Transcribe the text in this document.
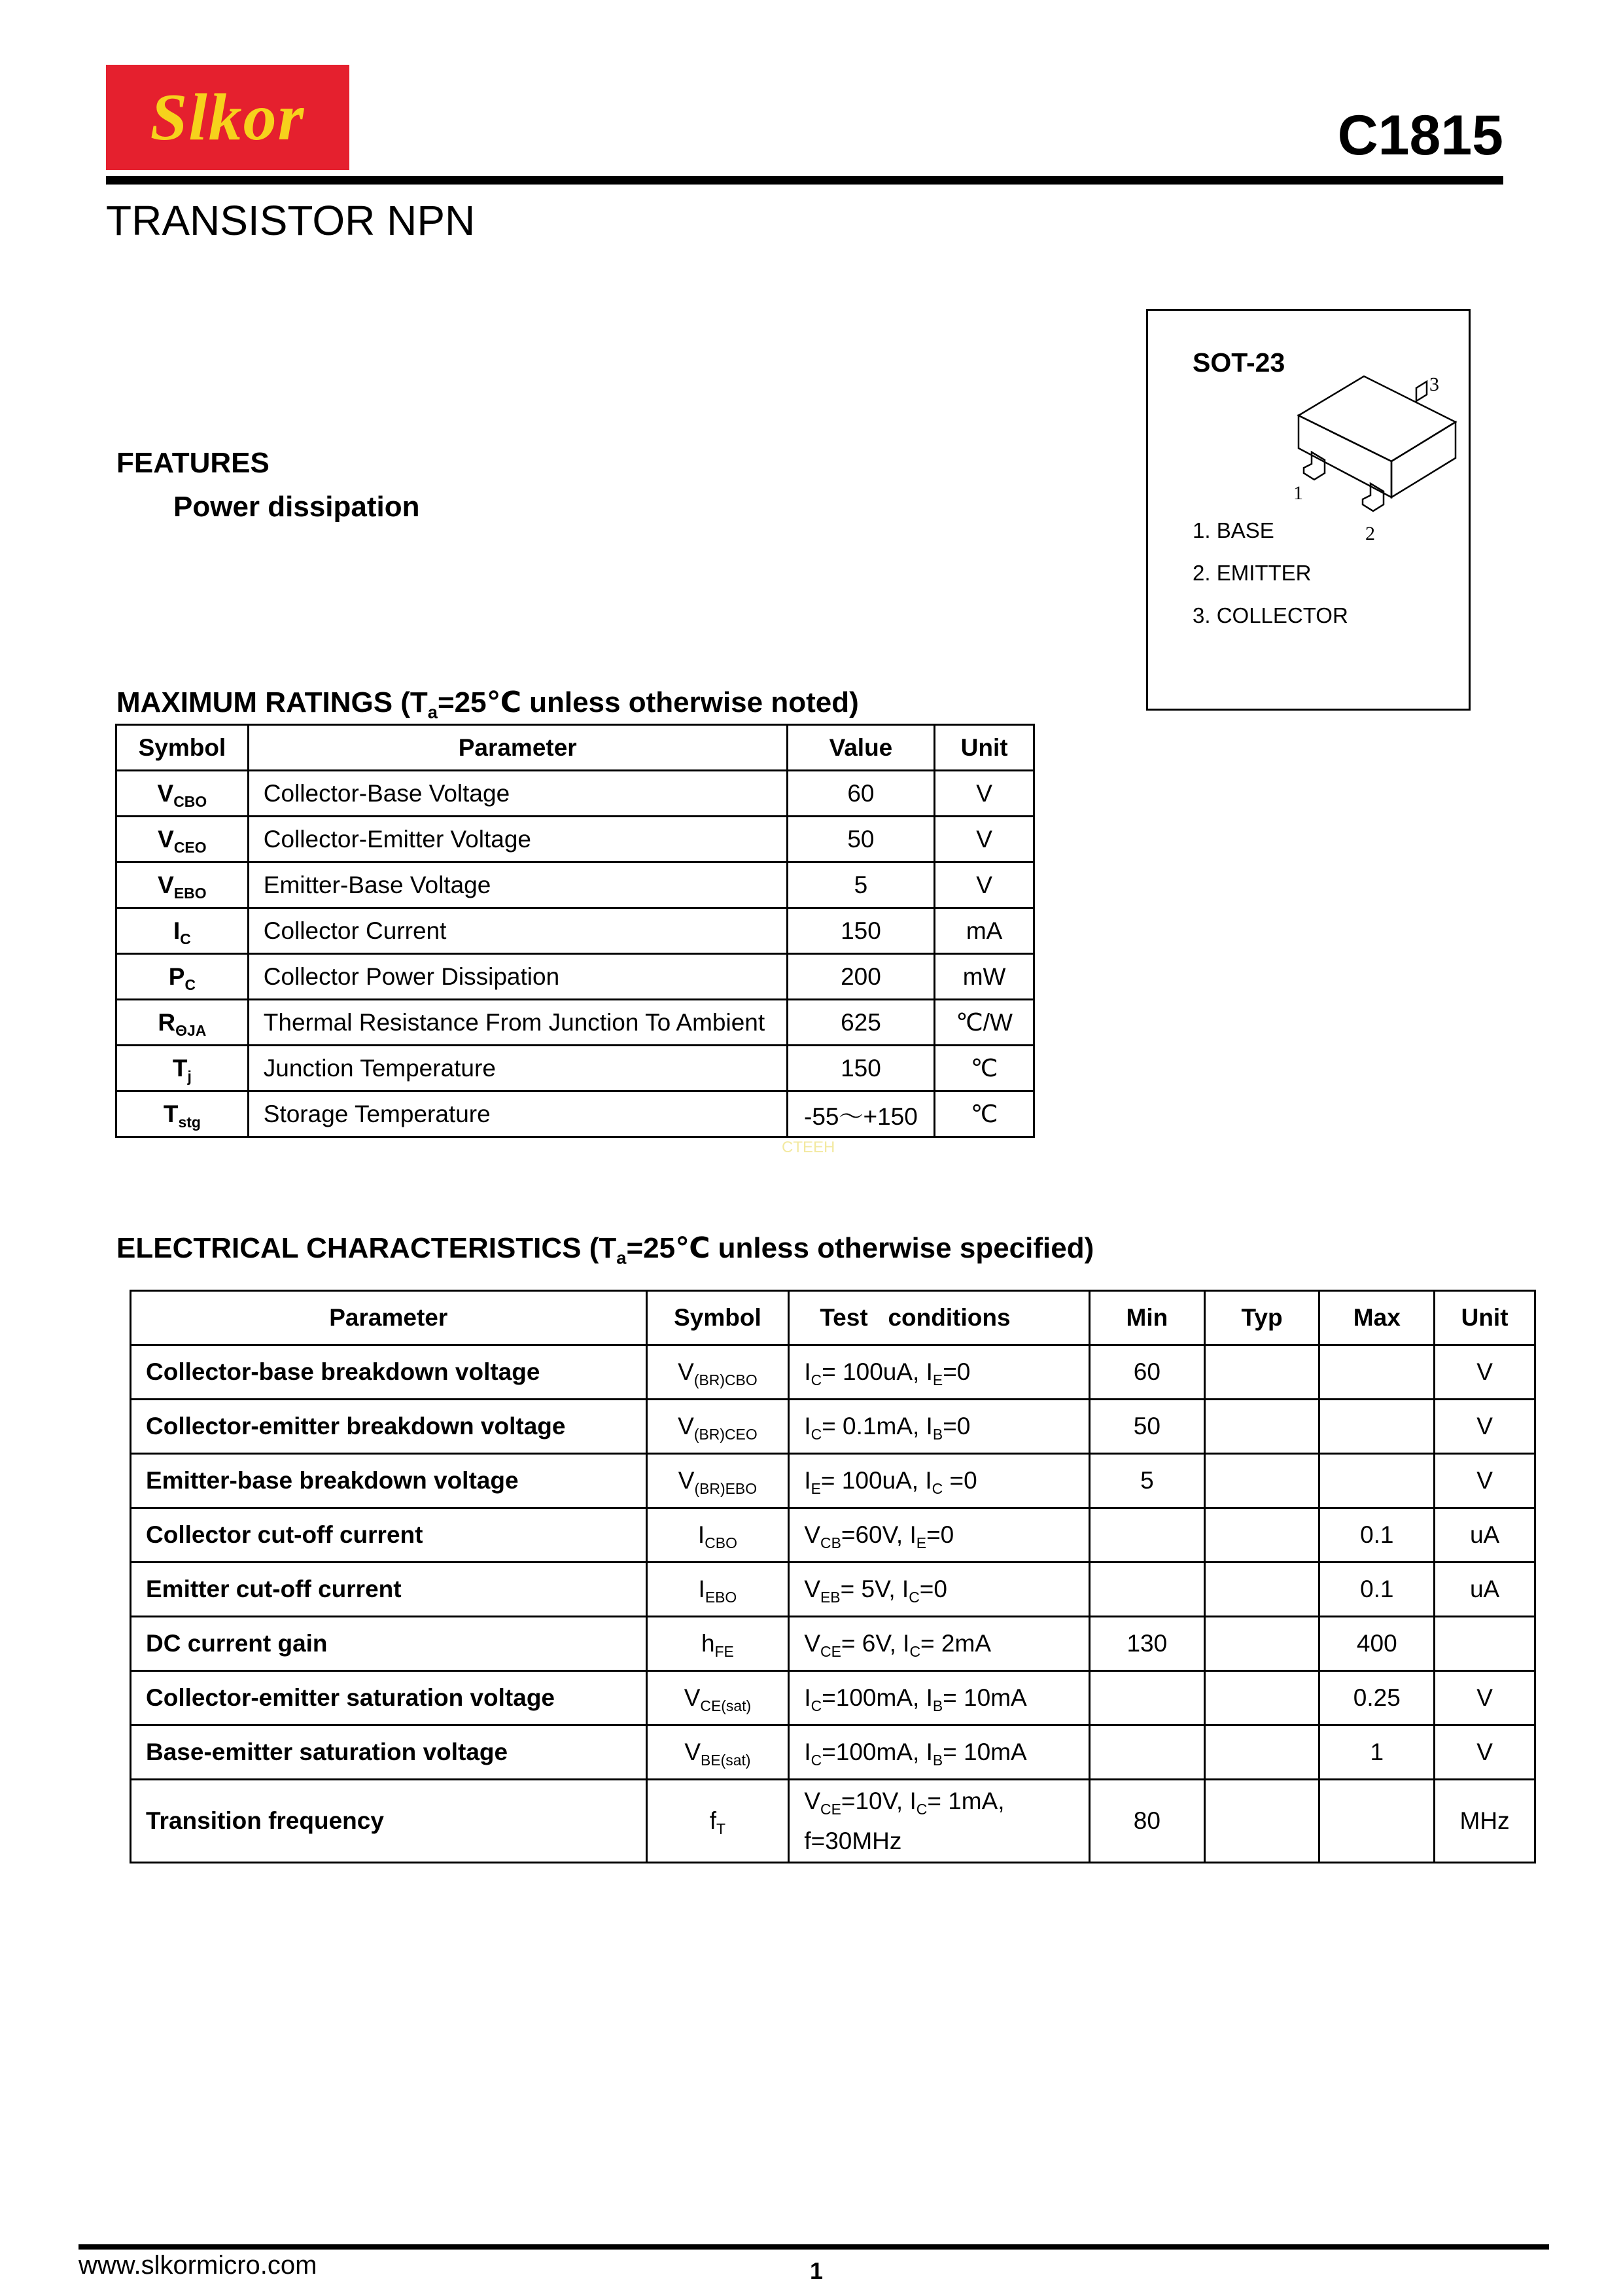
Slkor	C1815
TRANSISTOR NPN
FEATURES
Power dissipation
SOT-23
3
1
2
1. BASE
2. EMITTER
3. COLLECTOR
MAXIMUM RATINGS ($T_a=25℃$ unless otherwise noted)
Symbol	Parameter	Value	Unit
$V_{CBO}$	Collector-Base Voltage	60	V
$V_{CEO}$	Collector-Emitter Voltage	50	V
$V_{EBO}$	Emitter-Base Voltage	5	V
$I_C$	Collector Current	150	mA
$P_C$	Collector Power Dissipation	200	mW
$R_{\Theta JA}$	Thermal Resistance From Junction To Ambient	625	℃/W
$T_j$	Junction Temperature	150	℃
$T_{stg}$	Storage Temperature	-55～+150	℃
CTEEH
ELECTRICAL CHARACTERISTICS ($T_a=25℃$ unless otherwise specified)
Parameter	Symbol	Test   conditions	Min	Typ	Max	Unit
Collector-base breakdown voltage	$V_{(BR)CBO}$	$I_C= 100uA$, $I_E=0$	60			V
Collector-emitter breakdown voltage	$V_{(BR)CEO}$	$I_C= 0.1mA$, $I_B=0$	50			V
Emitter-base breakdown voltage	$V_{(BR)EBO}$	$I_E= 100uA$, $I_C =0$	5			V
Collector cut-off current	$I_{CBO}$	$V_{CB}=60V$, $I_E=0$			0.1	uA
Emitter cut-off current	$I_{EBO}$	$V_{EB}= 5V$, $I_C=0$			0.1	uA
DC current gain	$h_{FE}$	$V_{CE}= 6V$, $I_C= 2mA$	130		400	
Collector-emitter saturation voltage	$V_{CE(sat)}$	$I_C=100mA$, $I_B= 10mA$			0.25	V
Base-emitter saturation voltage	$V_{BE(sat)}$	$I_C=100mA$, $I_B= 10mA$			1	V
Transition frequency	$f_T$	$V_{CE}=10V$, $I_C= 1mA$, f=30MHz	80			MHz
www.slkormicro.com	1
